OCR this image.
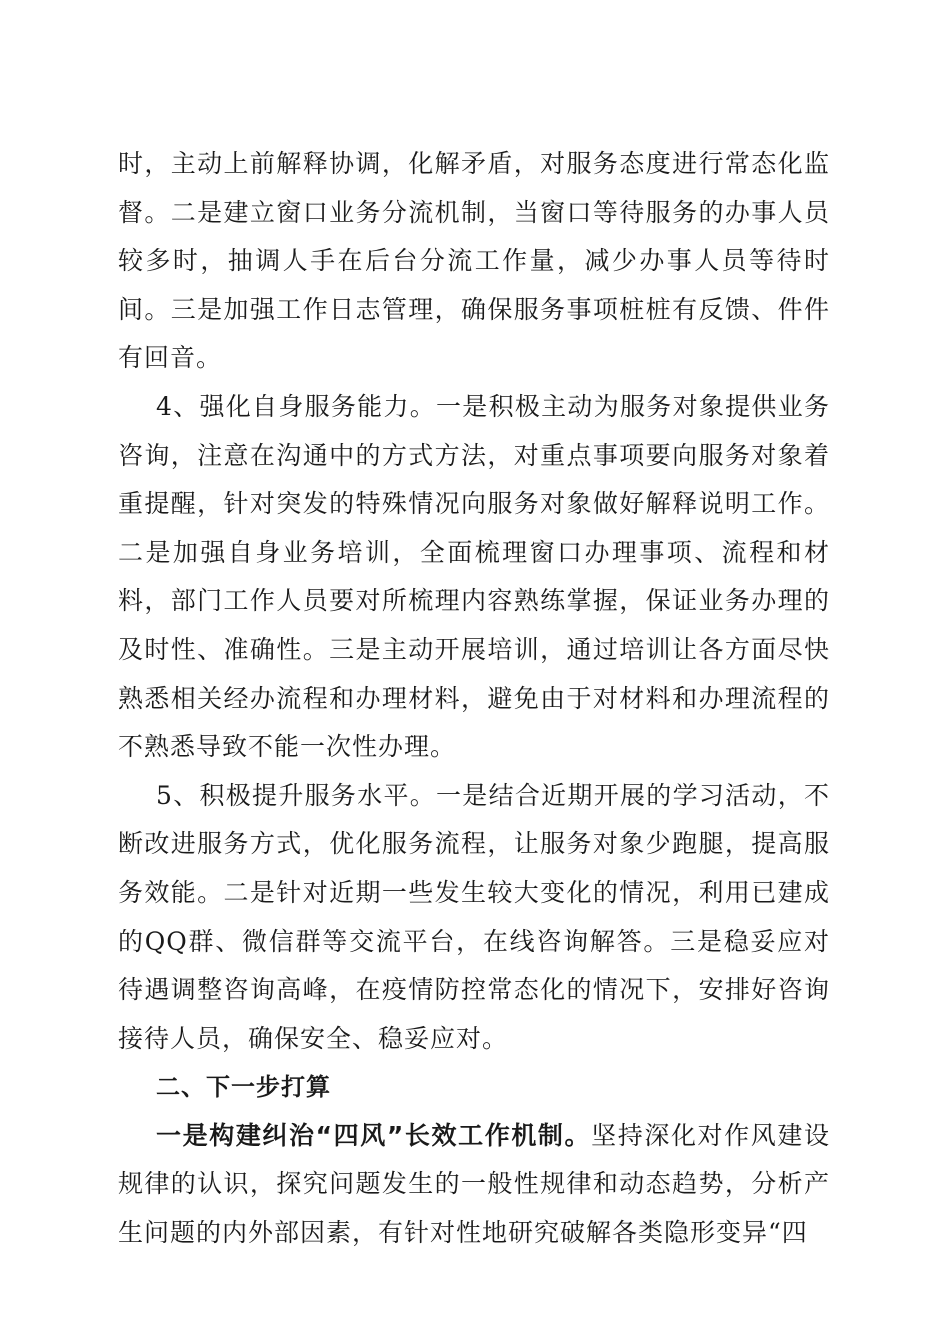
时，主动上前解释协调，化解矛盾，对服务态度进行常态化监督。二是建立窗口业务分流机制，当窗口等待服务的办事人员较多时，抽调人手在后台分流工作量，减少办事人员等待时间。三是加强工作日志管理，确保服务事项桩桩有反馈、件件有回音。

4、强化自身服务能力。一是积极主动为服务对象提供业务咨询，注意在沟通中的方式方法，对重点事项要向服务对象着重提醒，针对突发的特殊情况向服务对象做好解释说明工作。二是加强自身业务培训，全面梳理窗口办理事项、流程和材料，部门工作人员要对所梳理内容熟练掌握，保证业务办理的及时性、准确性。三是主动开展培训，通过培训让各方面尽快熟悉相关经办流程和办理材料，避免由于对材料和办理流程的不熟悉导致不能一次性办理。

5、积极提升服务水平。一是结合近期开展的学习活动，不断改进服务方式，优化服务流程，让服务对象少跑腿，提高服务效能。二是针对近期一些发生较大变化的情况，利用已建成的QQ群、微信群等交流平台，在线咨询解答。三是稳妥应对待遇调整咨询高峰，在疫情防控常态化的情况下，安排好咨询接待人员，确保安全、稳妥应对。

二、下一步打算

一是构建纠治“四风”长效工作机制。坚持深化对作风建设规律的认识，探究问题发生的一般性规律和动态趋势，分析产生问题的内外部因素，有针对性地研究破解各类隐形变异“四
